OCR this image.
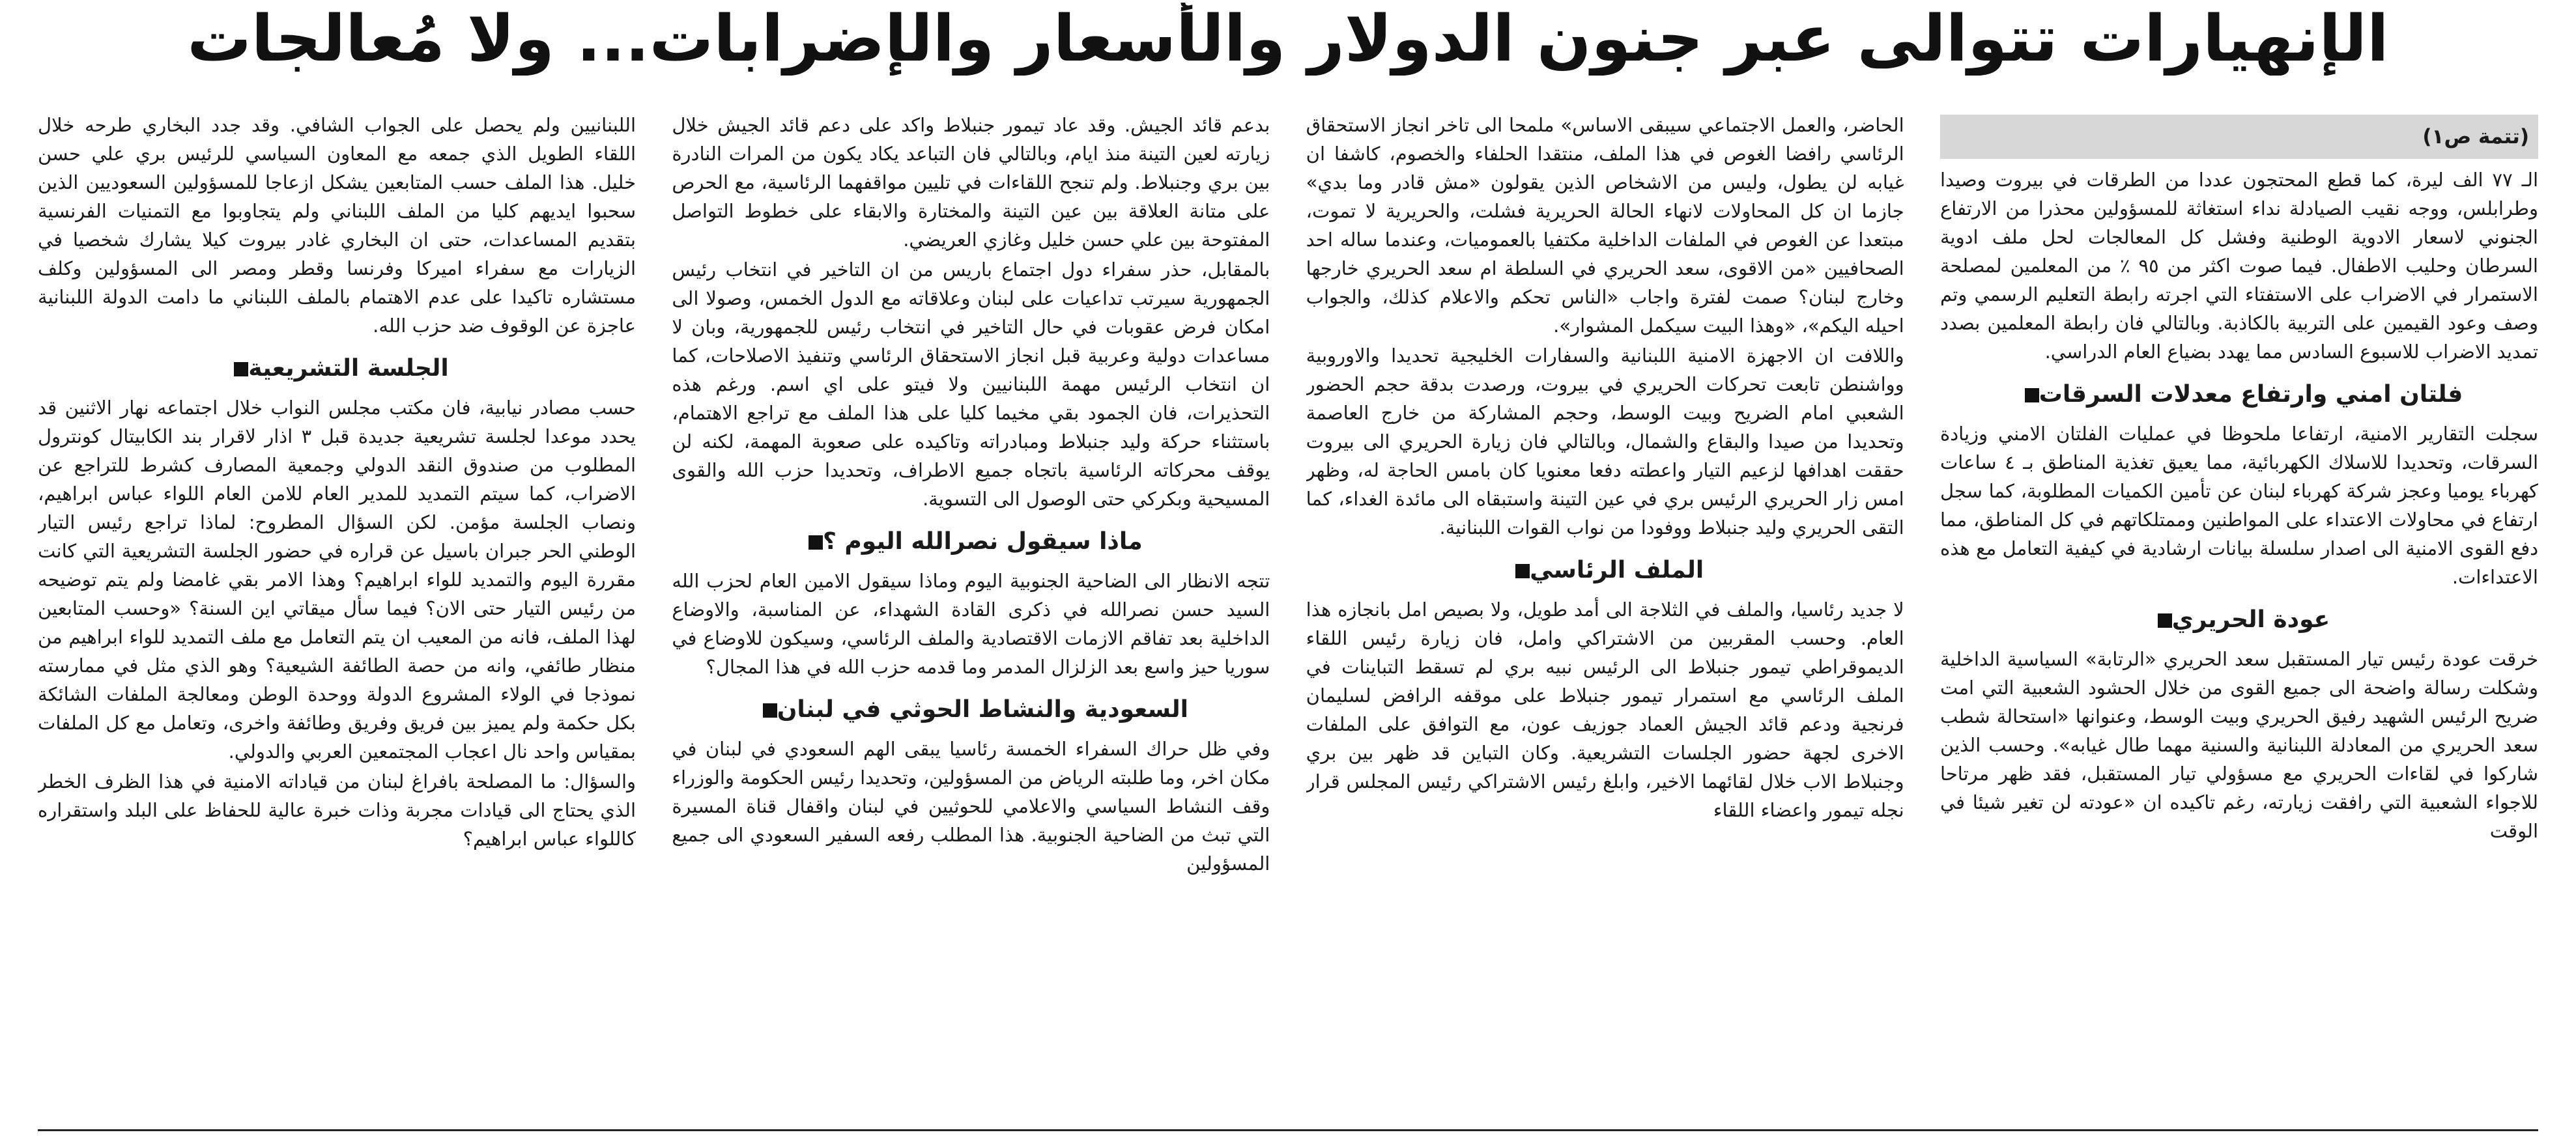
الإنهيارات تتوالى عبر جنون الدولار والأسعار والإضرابات... ولا مُعالجات
(تتمة ص١)

الـ ٧٧ الف ليرة، كما قطع المحتجون عددا من الطرقات في بيروت وصيدا وطرابلس، ووجه نقيب الصيادلة نداء استغاثة للمسؤولين محذرا من الارتفاع الجنوني لاسعار الادوية الوطنية وفشل كل المعالجات لحل ملف ادوية السرطان وحليب الاطفال. فيما صوت اكثر من ٩٥ ٪ من المعلمين لمصلحة الاستمرار في الاضراب على الاستفتاء التي اجرته رابطة التعليم الرسمي وتم وصف وعود القيمين على التربية بالكاذبة. وبالتالي فان رابطة المعلمين بصدد تمديد الاضراب للاسبوع السادس مما يهدد بضياع العام الدراسي.

فلتان امني وارتفاع معدلات السرقات

سجلت التقارير الامنية، ارتفاعا ملحوظا في عمليات الفلتان الامني وزيادة السرقات، وتحديدا للاسلاك الكهربائية، مما يعيق تغذية المناطق بـ ٤ ساعات كهرباء يوميا وعجز شركة كهرباء لبنان عن تأمين الكميات المطلوبة، كما سجل ارتفاع في محاولات الاعتداء على المواطنين وممتلكاتهم في كل المناطق، مما دفع القوى الامنية الى اصدار سلسلة بيانات ارشادية في كيفية التعامل مع هذه الاعتداءات.

عودة الحريري

خرقت عودة رئيس تيار المستقبل سعد الحريري «الرتابة» السياسية الداخلية وشكلت رسالة واضحة الى جميع القوى من خلال الحشود الشعبية التي امت ضريح الرئيس الشهيد رفيق الحريري وبيت الوسط، وعنوانها «استحالة شطب سعد الحريري من المعادلة اللبنانية والسنية مهما طال غيابه». وحسب الذين شاركوا في لقاءات الحريري مع مسؤولي تيار المستقبل، فقد ظهر مرتاحا للاجواء الشعبية التي رافقت زيارته، رغم تاكيده ان «عودته لن تغير شيئا في الوقت

الحاضر، والعمل الاجتماعي سيبقى الاساس» ملمحا الى تاخر انجاز الاستحقاق الرئاسي رافضا الغوص في هذا الملف، منتقدا الحلفاء والخصوم، كاشفا ان غيابه لن يطول، وليس من الاشخاص الذين يقولون «مش قادر وما بدي» جازما ان كل المحاولات لانهاء الحالة الحريرية فشلت، والحريرية لا تموت، مبتعدا عن الغوص في الملفات الداخلية مكتفيا بالعموميات، وعندما ساله احد الصحافيين «من الاقوى، سعد الحريري في السلطة ام سعد الحريري خارجها وخارج لبنان؟ صمت لفترة واجاب «الناس تحكم والاعلام كذلك، والجواب احيله اليكم»، «وهذا البيت سيكمل المشوار».

واللافت ان الاجهزة الامنية اللبنانية والسفارات الخليجية تحديدا والاوروبية وواشنطن تابعت تحركات الحريري في بيروت، ورصدت بدقة حجم الحضور الشعبي امام الضريح وبيت الوسط، وحجم المشاركة من خارج العاصمة وتحديدا من صيدا والبقاع والشمال، وبالتالي فان زيارة الحريري الى بيروت حققت اهدافها لزعيم التيار واعطته دفعا معنويا كان بامس الحاجة له، وظهر امس زار الحريري الرئيس بري في عين التينة واستبقاه الى مائدة الغداء، كما التقى الحريري وليد جنبلاط ووفودا من نواب القوات اللبنانية.

الملف الرئاسي

لا جديد رئاسيا، والملف في الثلاجة الى أمد طويل، ولا بصيص امل بانجازه هذا العام. وحسب المقربين من الاشتراكي وامل، فان زيارة رئيس اللقاء الديموقراطي تيمور جنبلاط الى الرئيس نبيه بري لم تسقط التباينات في الملف الرئاسي مع استمرار تيمور جنبلاط على موقفه الرافض لسليمان فرنجية ودعم قائد الجيش العماد جوزيف عون، مع التوافق على الملفات الاخرى لجهة حضور الجلسات التشريعية. وكان التباين قد ظهر بين بري وجنبلاط الاب خلال لقائهما الاخير، وابلغ رئيس الاشتراكي رئيس المجلس قرار نجله تيمور واعضاء اللقاء

بدعم قائد الجيش. وقد عاد تيمور جنبلاط واكد على دعم قائد الجيش خلال زيارته لعين التينة منذ ايام، وبالتالي فان التباعد يكاد يكون من المرات النادرة بين بري وجنبلاط. ولم تنجح اللقاءات في تليين مواقفهما الرئاسية، مع الحرص على متانة العلاقة بين عين التينة والمختارة والابقاء على خطوط التواصل المفتوحة بين علي حسن خليل وغازي العريضي.

بالمقابل، حذر سفراء دول اجتماع باريس من ان التاخير في انتخاب رئيس الجمهورية سيرتب تداعيات على لبنان وعلاقاته مع الدول الخمس، وصولا الى امكان فرض عقوبات في حال التاخير في انتخاب رئيس للجمهورية، وبان لا مساعدات دولية وعربية قبل انجاز الاستحقاق الرئاسي وتنفيذ الاصلاحات، كما ان انتخاب الرئيس مهمة اللبنانيين ولا فيتو على اي اسم. ورغم هذه التحذيرات، فان الجمود بقي مخيما كليا على هذا الملف مع تراجع الاهتمام، باستثناء حركة وليد جنبلاط ومبادراته وتاكيده على صعوبة المهمة، لكنه لن يوقف محركاته الرئاسية باتجاه جميع الاطراف، وتحديدا حزب الله والقوى المسيحية وبكركي حتى الوصول الى التسوية.

ماذا سيقول نصرالله اليوم ؟

تتجه الانظار الى الضاحية الجنوبية اليوم وماذا سيقول الامين العام لحزب الله السيد حسن نصرالله في ذكرى القادة الشهداء، عن المناسبة، والاوضاع الداخلية بعد تفاقم الازمات الاقتصادية والملف الرئاسي، وسيكون للاوضاع في سوريا حيز واسع بعد الزلزال المدمر وما قدمه حزب الله في هذا المجال؟

السعودية والنشاط الحوثي في لبنان

وفي ظل حراك السفراء الخمسة رئاسيا يبقى الهم السعودي في لبنان في مكان اخر، وما طلبته الرياض من المسؤولين، وتحديدا رئيس الحكومة والوزراء وقف النشاط السياسي والاعلامي للحوثيين في لبنان واقفال قناة المسيرة التي تبث من الضاحية الجنوبية. هذا المطلب رفعه السفير السعودي الى جميع المسؤولين

اللبنانيين ولم يحصل على الجواب الشافي. وقد جدد البخاري طرحه خلال اللقاء الطويل الذي جمعه مع المعاون السياسي للرئيس بري علي حسن خليل. هذا الملف حسب المتابعين يشكل ازعاجا للمسؤولين السعوديين الذين سحبوا ايديهم كليا من الملف اللبناني ولم يتجاوبوا مع التمنيات الفرنسية بتقديم المساعدات، حتى ان البخاري غادر بيروت كيلا يشارك شخصيا في الزيارات مع سفراء اميركا وفرنسا وقطر ومصر الى المسؤولين وكلف مستشاره تاكيدا على عدم الاهتمام بالملف اللبناني ما دامت الدولة اللبنانية عاجزة عن الوقوف ضد حزب الله.

الجلسة التشريعية

حسب مصادر نيابية، فان مكتب مجلس النواب خلال اجتماعه نهار الاثنين قد يحدد موعدا لجلسة تشريعية جديدة قبل ٣ اذار لاقرار بند الكابيتال كونترول المطلوب من صندوق النقد الدولي وجمعية المصارف كشرط للتراجع عن الاضراب، كما سيتم التمديد للمدير العام للامن العام اللواء عباس ابراهيم، ونصاب الجلسة مؤمن. لكن السؤال المطروح: لماذا تراجع رئيس التيار الوطني الحر جبران باسيل عن قراره في حضور الجلسة التشريعية التي كانت مقررة اليوم والتمديد للواء ابراهيم؟ وهذا الامر بقي غامضا ولم يتم توضيحه من رئيس التيار حتى الان؟ فيما سأل ميقاتي اين السنة؟ «وحسب المتابعين لهذا الملف، فانه من المعيب ان يتم التعامل مع ملف التمديد للواء ابراهيم من منظار طائفي، وانه من حصة الطائفة الشيعية؟ وهو الذي مثل في ممارسته نموذجا في الولاء المشروع الدولة ووحدة الوطن ومعالجة الملفات الشائكة بكل حكمة ولم يميز بين فريق وفريق وطائفة واخرى، وتعامل مع كل الملفات بمقياس واحد نال اعجاب المجتمعين العربي والدولي.

والسؤال: ما المصلحة بافراغ لبنان من قياداته الامنية في هذا الظرف الخطر الذي يحتاج الى قيادات مجربة وذات خبرة عالية للحفاظ على البلد واستقراره كاللواء عباس ابراهيم؟
